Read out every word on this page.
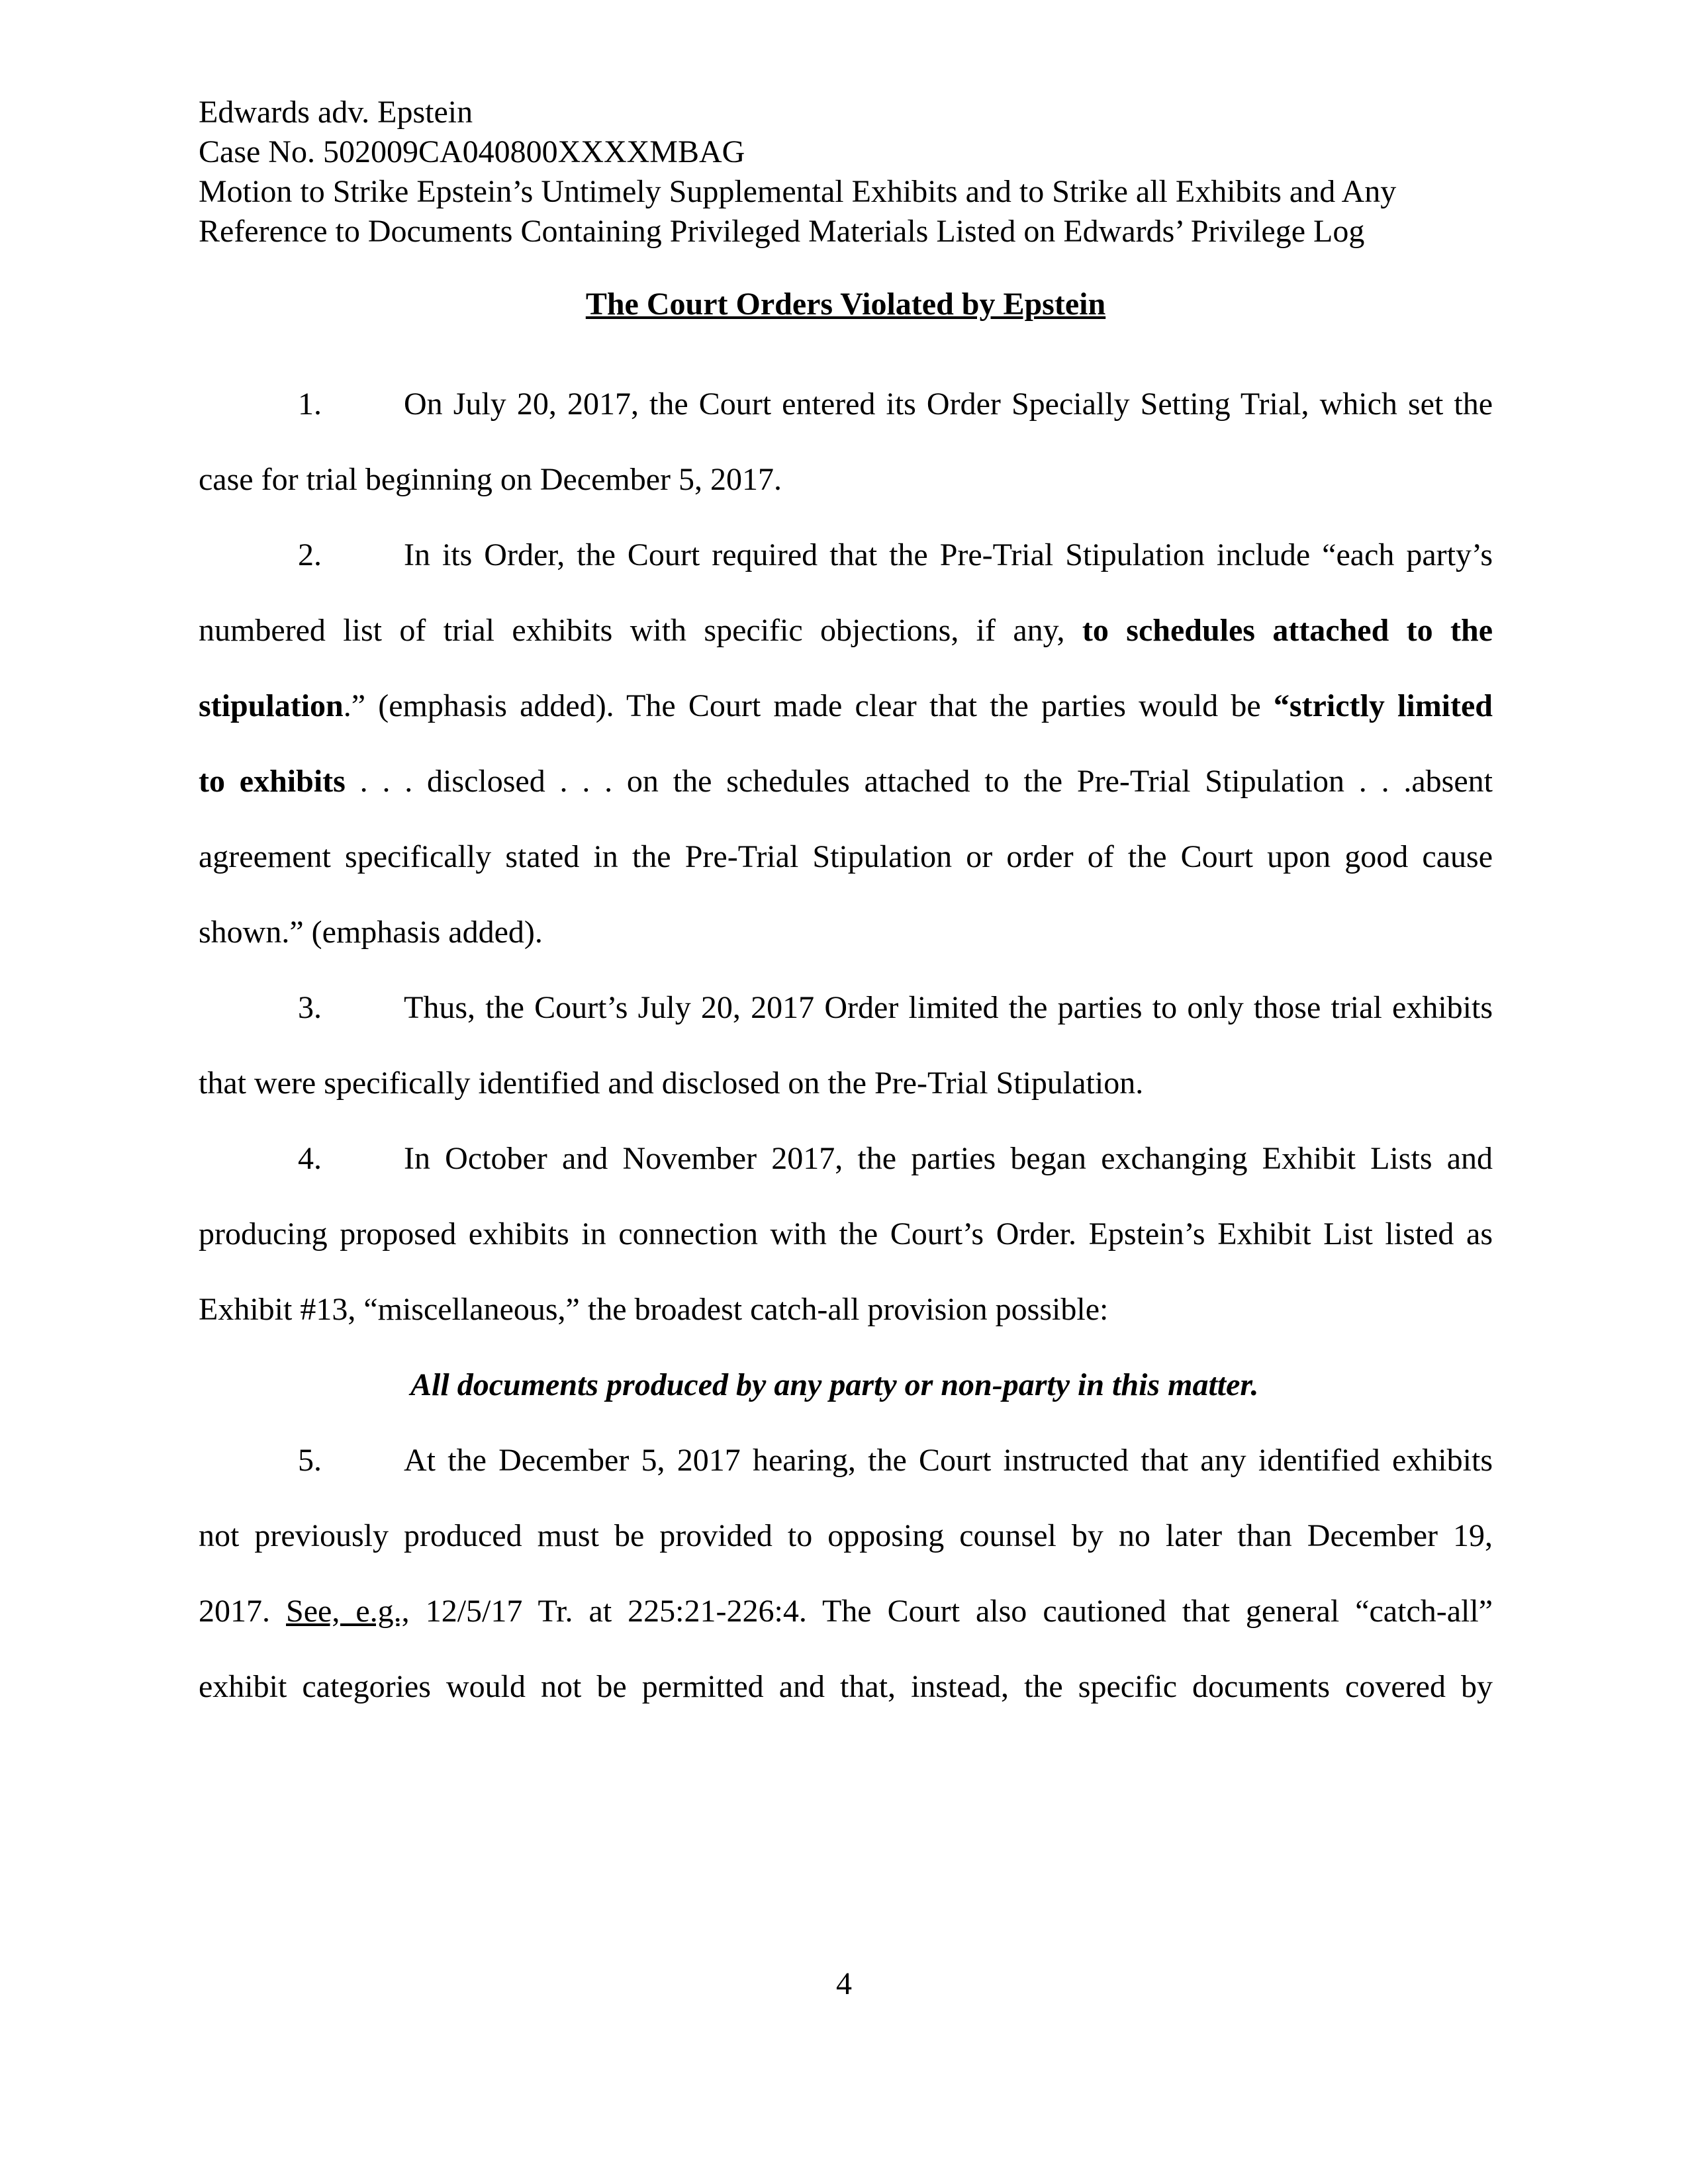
Edwards adv. Epstein
Case No. 502009CA040800XXXXMBAG
Motion to Strike Epstein’s Untimely Supplemental Exhibits and to Strike all Exhibits and Any
Reference to Documents Containing Privileged Materials Listed on Edwards’ Privilege Log
The Court Orders Violated by Epstein
1.	On July 20, 2017, the Court entered its Order Specially Setting Trial, which set the
case for trial beginning on December 5, 2017.
2.	In its Order, the Court required that the Pre-Trial Stipulation include “each party’s
numbered list of trial exhibits with specific objections, if any, to schedules attached to the
stipulation.” (emphasis added). The Court made clear that the parties would be “strictly limited
to exhibits . . . disclosed . . . on the schedules attached to the Pre-Trial Stipulation . . .absent
agreement specifically stated in the Pre-Trial Stipulation or order of the Court upon good cause
shown.” (emphasis added).
3.	Thus, the Court’s July 20, 2017 Order limited the parties to only those trial exhibits
that were specifically identified and disclosed on the Pre-Trial Stipulation.
4.	In October and November 2017, the parties began exchanging Exhibit Lists and
producing proposed exhibits in connection with the Court’s Order. Epstein’s Exhibit List listed as
Exhibit #13, “miscellaneous,” the broadest catch-all provision possible:
All documents produced by any party or non-party in this matter.
5.	At the December 5, 2017 hearing, the Court instructed that any identified exhibits
not previously produced must be provided to opposing counsel by no later than December 19,
2017. See, e.g., 12/5/17 Tr. at 225:21-226:4. The Court also cautioned that general “catch-all”
exhibit categories would not be permitted and that, instead, the specific documents covered by
4
